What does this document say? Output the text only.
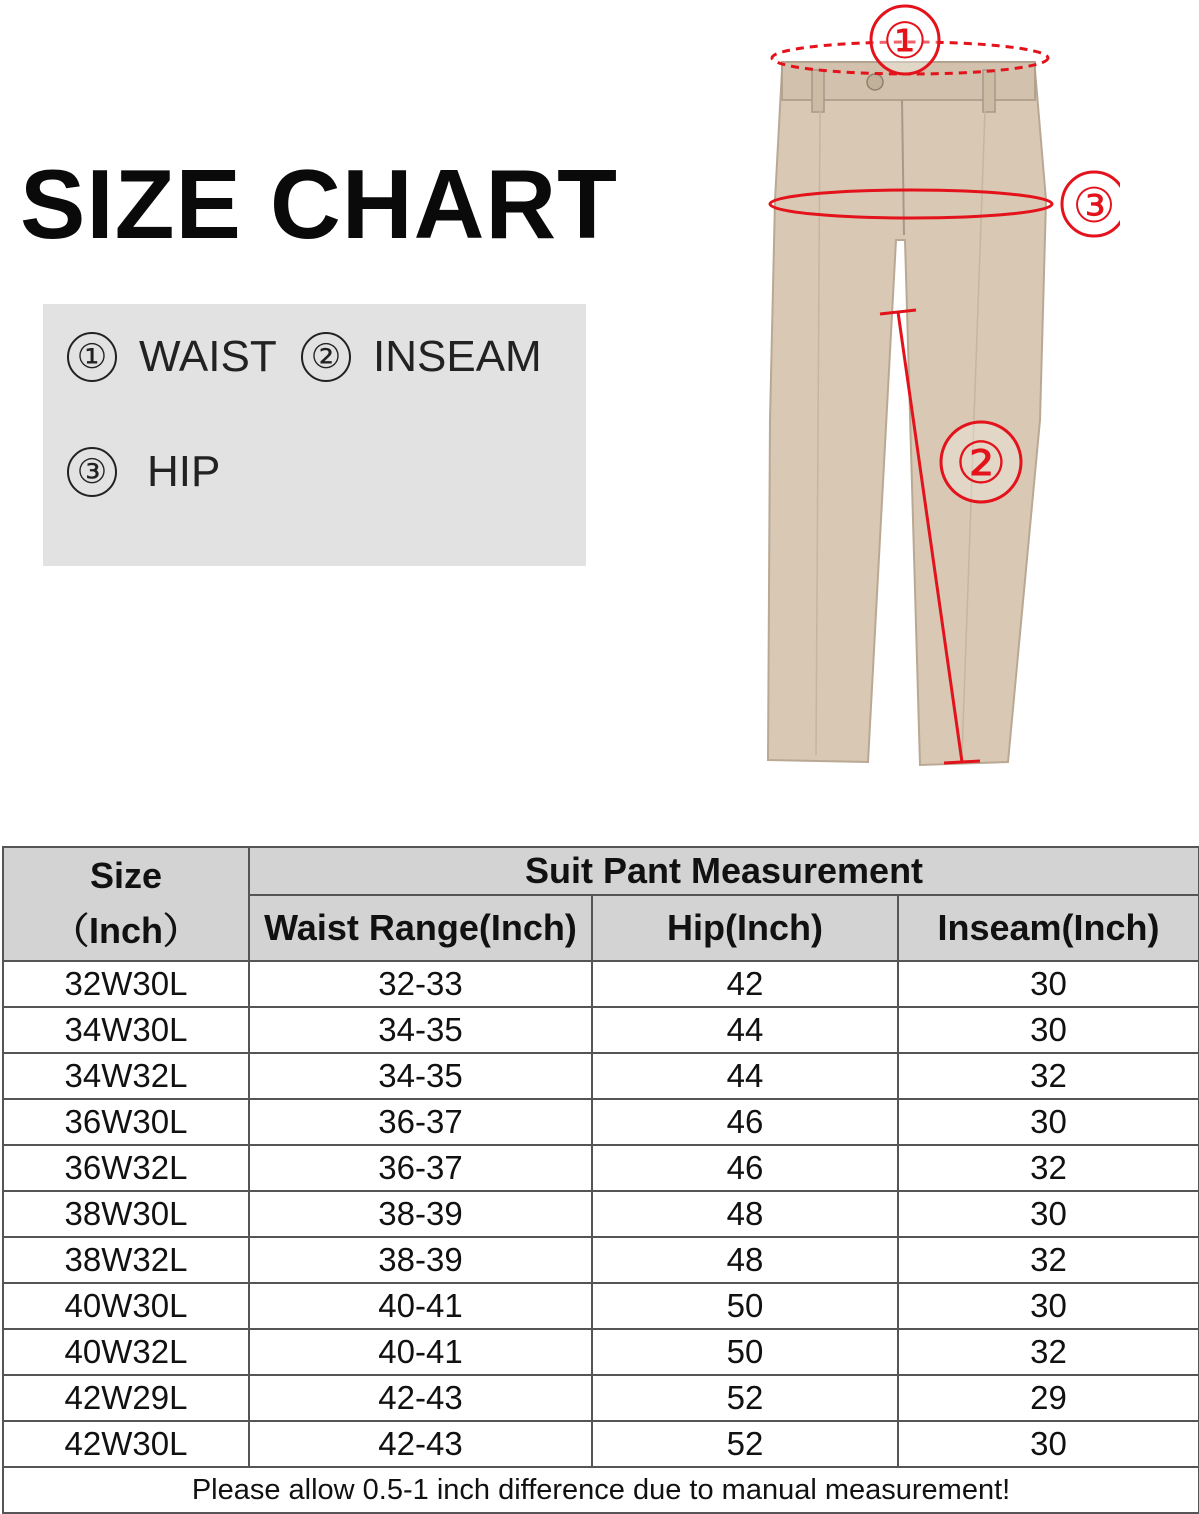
SIZE CHART
① WAIST ② INSEAM
③ HIP
①
③
②
Size
（Inch）	Suit Pant Measurement		
	Waist Range(Inch)	Hip(Inch)	Inseam(Inch)
32W30L	32-33	42	30
34W30L	34-35	44	30
34W32L	34-35	44	32
36W30L	36-37	46	30
36W32L	36-37	46	32
38W30L	38-39	48	30
38W32L	38-39	48	32
40W30L	40-41	50	30
40W32L	40-41	50	32
42W29L	42-43	52	29
42W30L	42-43	52	30
Please allow 0.5-1 inch difference due to manual measurement!			
